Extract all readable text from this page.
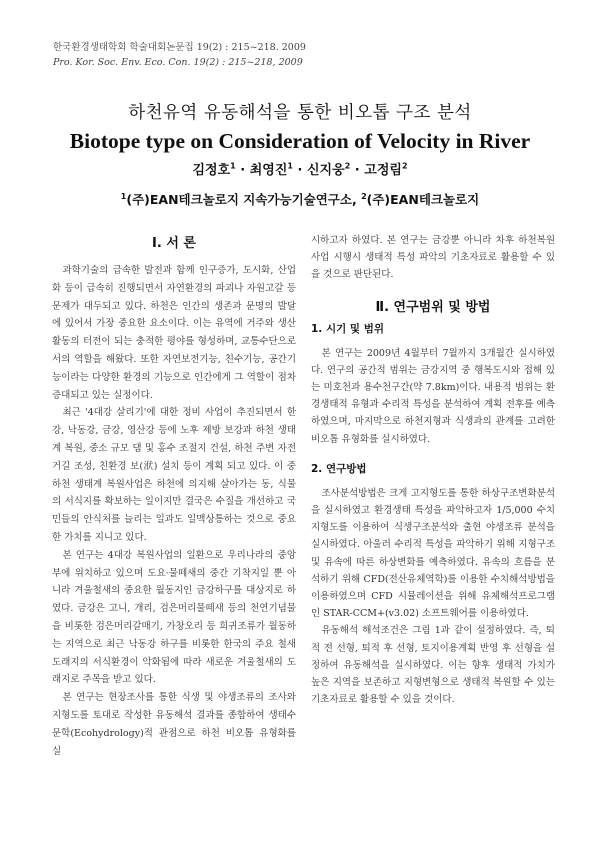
한국환경생태학회 학술대회논문집 19(2) : 215~218. 2009
Pro. Kor. Soc. Env. Eco. Con. 19(2) : 215~218, 2009
하천유역 유동해석을 통한 비오톱 구조 분석
Biotope type on Consideration of Velocity in River
김정호$^1$ · 최영진$^1$ · 신지웅$^2$ · 고정림$^2$
$^1$(주)EAN테크놀로지 지속가능기술연구소, $^2$(주)EAN테크놀로지
Ⅰ. 서 론

과학기술의 급속한 발전과 함께 인구증가, 도시화, 산업화 등이 급속히 진행되면서 자연환경의 파괴나 자원고갈 등 문제가 대두되고 있다. 하천은 인간의 생존과 문명의 발달에 있어서 가장 중요한 요소이다. 이는 유역에 거주와 생산활동의 터전이 되는 충적한 평야를 형성하며, 교통수단으로서의 역할을 해왔다. 또한 자연보전기능, 친수기능, 공간기능이라는 다양한 환경의 기능으로 인간에게 그 역할이 점차 증대되고 있는 실정이다.

최근 '4대강 살리기'에 대한 정비 사업이 추진되면서 한강, 낙동강, 금강, 영산강 등에 노후 제방 보강과 하천 생태계 복원, 중소 규모 댐 및 홍수 조절지 건설, 하천 주변 자전거길 조성, 친환경 보(洑) 설치 등이 계획 되고 있다. 이 중 하천 생태계 복원사업은 하천에 의지해 살아가는 동, 식물의 서식지를 확보하는 일이지만 결국은 수질을 개선하고 국민들의 안식처를 늘리는 일과도 일맥상통하는 것으로 중요한 가치를 지니고 있다.

본 연구는 4대강 복원사업의 일환으로 우리나라의 중앙부에 위치하고 있으며 도요·물떼새의 중간 기착지일 뿐 아니라 겨울철새의 중요한 월동지인 금강하구를 대상지로 하였다. 금강은 고니, 개리, 검은머리물떼새 등의 천연기념물을 비롯한 검은머리갈매기, 가창오리 등 희귀조류가 월동하는 지역으로 최근 낙동강 하구를 비롯한 한국의 주요 철새도래지의 서식환경이 악화됨에 따라 새로운 겨울철새의 도래지로 주목을 받고 있다.

본 연구는 현장조사를 통한 식생 및 야생조류의 조사와 지형도를 토대로 작성한 유동해석 결과를 종합하여 생태수문학(Ecohydrology)적 관점으로 하천 비오톱 유형화를 실

시하고자 하였다. 본 연구는 금강뿐 아니라 차후 하천복원사업 시행시 생태적 특성 파악의 기초자료로 활용할 수 있을 것으로 판단된다.

Ⅱ. 연구범위 및 방법
1. 시기 및 범위

본 연구는 2009년 4월부터 7월까지 3개월간 실시하였다. 연구의 공간적 범위는 금강지역 중 행복도시와 접해 있는 미호천과 용수천구간(약 7.8km)이다. 내용적 범위는 환경생태적 유형과 수리적 특성을 분석하여 계획 전후를 예측하였으며, 마지막으로 하천지형과 식생과의 관계를 고려한 비오톱 유형화를 실시하였다.

2. 연구방법

조사분석방법은 크게 고지형도를 통한 하상구조변화분석을 실시하였고 환경생태 특성을 파악하고자 1/5,000 수치지형도를 이용하여 식생구조분석와 출현 야생조류 분석을 실시하였다. 아울러 수리적 특성을 파악하기 위해 지형구조 및 유속에 따른 하상변화를 예측하였다. 유속의 흐름을 분석하기 위해 CFD(전산유체역학)를 이용한 수치해석방법을 이용하였으며 CFD 시뮬레이션을 위해 유체해석프로그램인 STAR-CCM+(v3.02) 소프트웨어를 이용하였다.

유동해석 해석조건은 그림 1과 같이 설정하였다. 즉, 퇴적 전 선형, 퇴적 후 선형, 토지이용계획 반영 후 선형을 설정하여 유동해석을 실시하였다. 이는 향후 생태적 가치가 높은 지역을 보존하고 지형변형으로 생태적 복원할 수 있는 기초자료로 활용할 수 있을 것이다.
